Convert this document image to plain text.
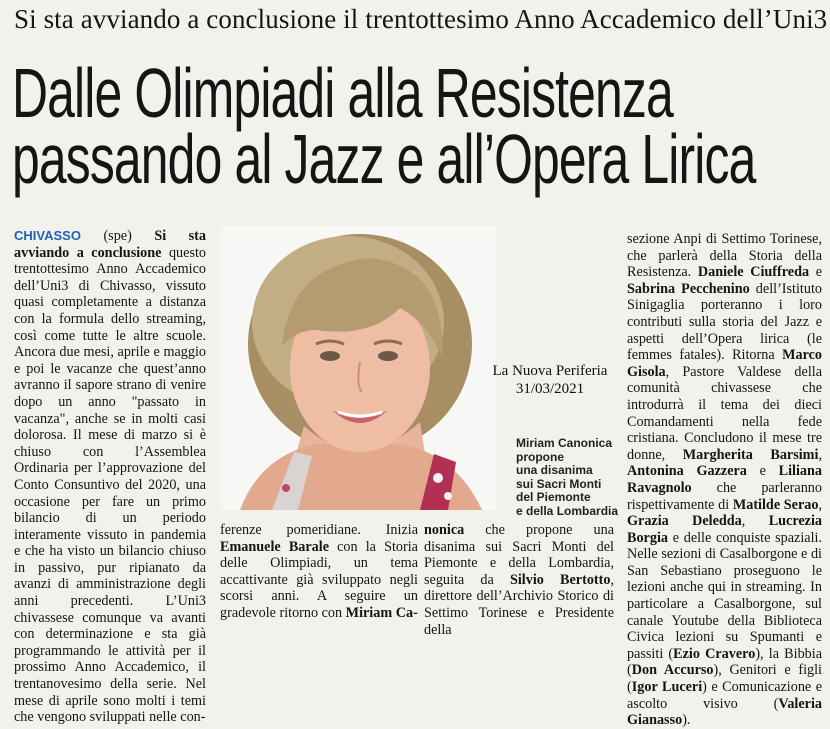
Si sta avviando a conclusione il trentottesimo Anno Accademico dell’Uni3
Dalle Olimpiadi alla Resistenza
passando al Jazz e all’Opera Lirica
CHIVASSO (spe) Si sta avviando a conclusione questo trentottesimo Anno Accademico dell’Uni3 di Chivasso, vissuto quasi completamente a distanza con la formula dello streaming, così come tutte le altre scuole. Ancora due mesi, aprile e maggio e poi le vacanze che quest’anno avranno il sapore strano di venire dopo un anno "passato in vacanza", anche se in molti casi dolorosa. Il mese di marzo si è chiuso con l’Assemblea Ordinaria per l’approvazione del Conto Consuntivo del 2020, una occasione per fare un primo bilancio di un periodo interamente vissuto in pandemia e che ha visto un bilancio chiuso in passivo, pur ripianato da avanzi di amministrazione degli anni precedenti. L’Uni3 chivassese comunque va avanti con determinazione e sta già programmando le attività per il prossimo Anno Accademico, il trentanovesimo della serie. Nel mese di aprile sono molti i temi che vengono sviluppati nelle con-
La Nuova Periferia
31/03/2021
Miriam Canonica
propone
una disanima
sui Sacri Monti
del Piemonte
e della Lombardia
ferenze pomeridiane. Inizia Emanuele Barale con la Storia delle Olimpiadi, un tema accattivante già sviluppato negli scorsi anni. A seguire un gradevole ritorno con Miriam Ca-
nonica che propone una disanima sui Sacri Monti del Piemonte e della Lombardia, seguita da Silvio Bertotto, direttore dell’Archivio Storico di Settimo Torinese e Presidente della
sezione Anpi di Settimo Torinese, che parlerà della Storia della Resistenza. Daniele Ciuffreda e Sabrina Pecchenino dell’Istituto Sinigaglia porteranno i loro contributi sulla storia del Jazz e aspetti dell’Opera lirica (le femmes fatales). Ritorna Marco Gisola, Pastore Valdese della comunità chivassese che introdurrà il tema dei dieci Comandamenti nella fede cristiana. Concludono il mese tre donne, Margherita Barsimi, Antonina Gazzera e Liliana Ravagnolo che parleranno rispettivamente di Matilde Serao, Grazia Deledda, Lucrezia Borgia e delle conquiste spaziali. Nelle sezioni di Casalborgone e di San Sebastiano proseguono le lezioni anche qui in streaming. In particolare a Casalborgone, sul canale Youtube della Biblioteca Civica lezioni su Spumanti e passiti (Ezio Cravero), la Bibbia (Don Accurso), Genitori e figli (Igor Luceri) e Comunicazione e ascolto visivo (Valeria Gianasso).
